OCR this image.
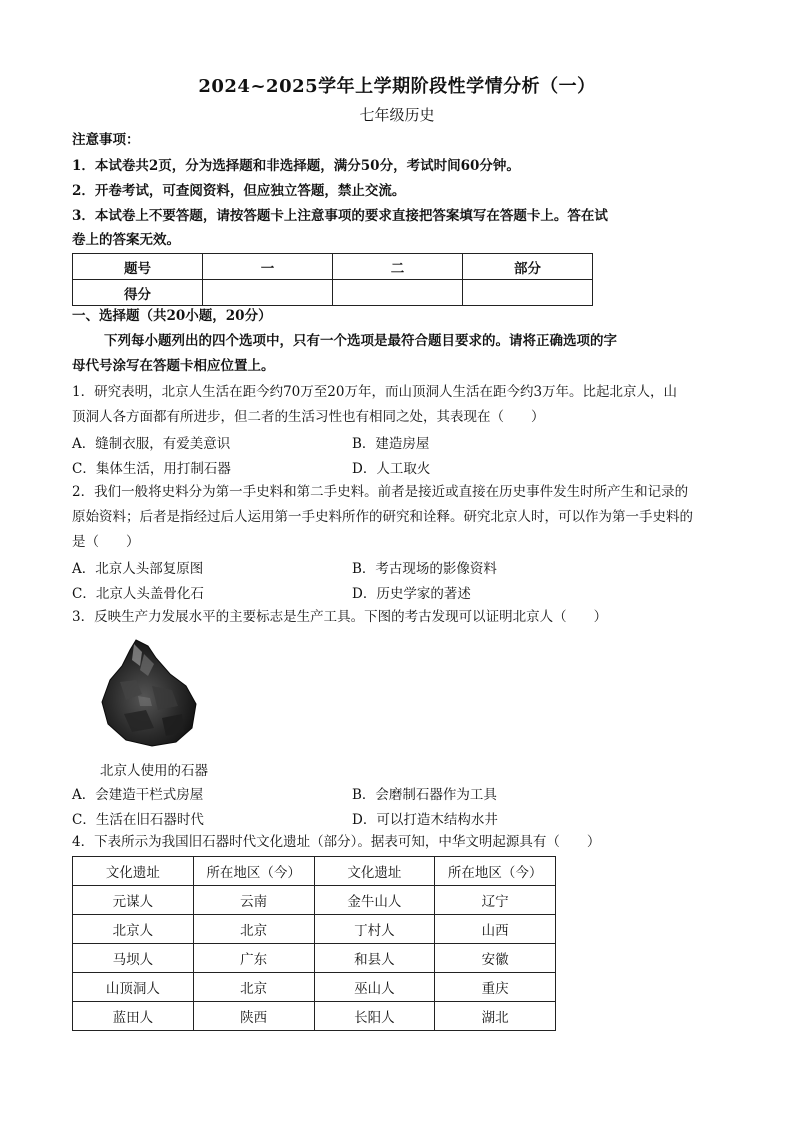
2024~2025学年上学期阶段性学情分析（一）
七年级历史
注意事项：
1．本试卷共2页，分为选择题和非选择题，满分50分，考试时间60分钟。
2．开卷考试，可查阅资料，但应独立答题，禁止交流。
3．本试卷上不要答题，请按答题卡上注意事项的要求直接把答案填写在答题卡上。答在试
卷上的答案无效。
题号	一	二	部分
得分			
一、选择题（共20小题，20分）
下列每小题列出的四个选项中，只有一个选项是最符合题目要求的。请将正确选项的字
母代号涂写在答题卡相应位置上。
1．研究表明，北京人生活在距今约70万至20万年，而山顶洞人生活在距今约3万年。比起北京人，山
顶洞人各方面都有所进步，但二者的生活习性也有相同之处，其表现在（　　）
A．缝制衣服，有爱美意识	B．建造房屋
C．集体生活，用打制石器	D．人工取火
2．我们一般将史料分为第一手史料和第二手史料。前者是接近或直接在历史事件发生时所产生和记录的
原始资料；后者是指经过后人运用第一手史料所作的研究和诠释。研究北京人时，可以作为第一手史料的
是（　　）
A．北京人头部复原图	B．考古现场的影像资料
C．北京人头盖骨化石	D．历史学家的著述
3．反映生产力发展水平的主要标志是生产工具。下图的考古发现可以证明北京人（　　）
北京人使用的石器
A．会建造干栏式房屋	B．会磨制石器作为工具
C．生活在旧石器时代	D．可以打造木结构水井
4．下表所示为我国旧石器时代文化遗址（部分）。据表可知，中华文明起源具有（　　）
文化遗址	所在地区（今）	文化遗址	所在地区（今）
元谋人	云南	金牛山人	辽宁
北京人	北京	丁村人	山西
马坝人	广东	和县人	安徽
山顶洞人	北京	巫山人	重庆
蓝田人	陕西	长阳人	湖北
